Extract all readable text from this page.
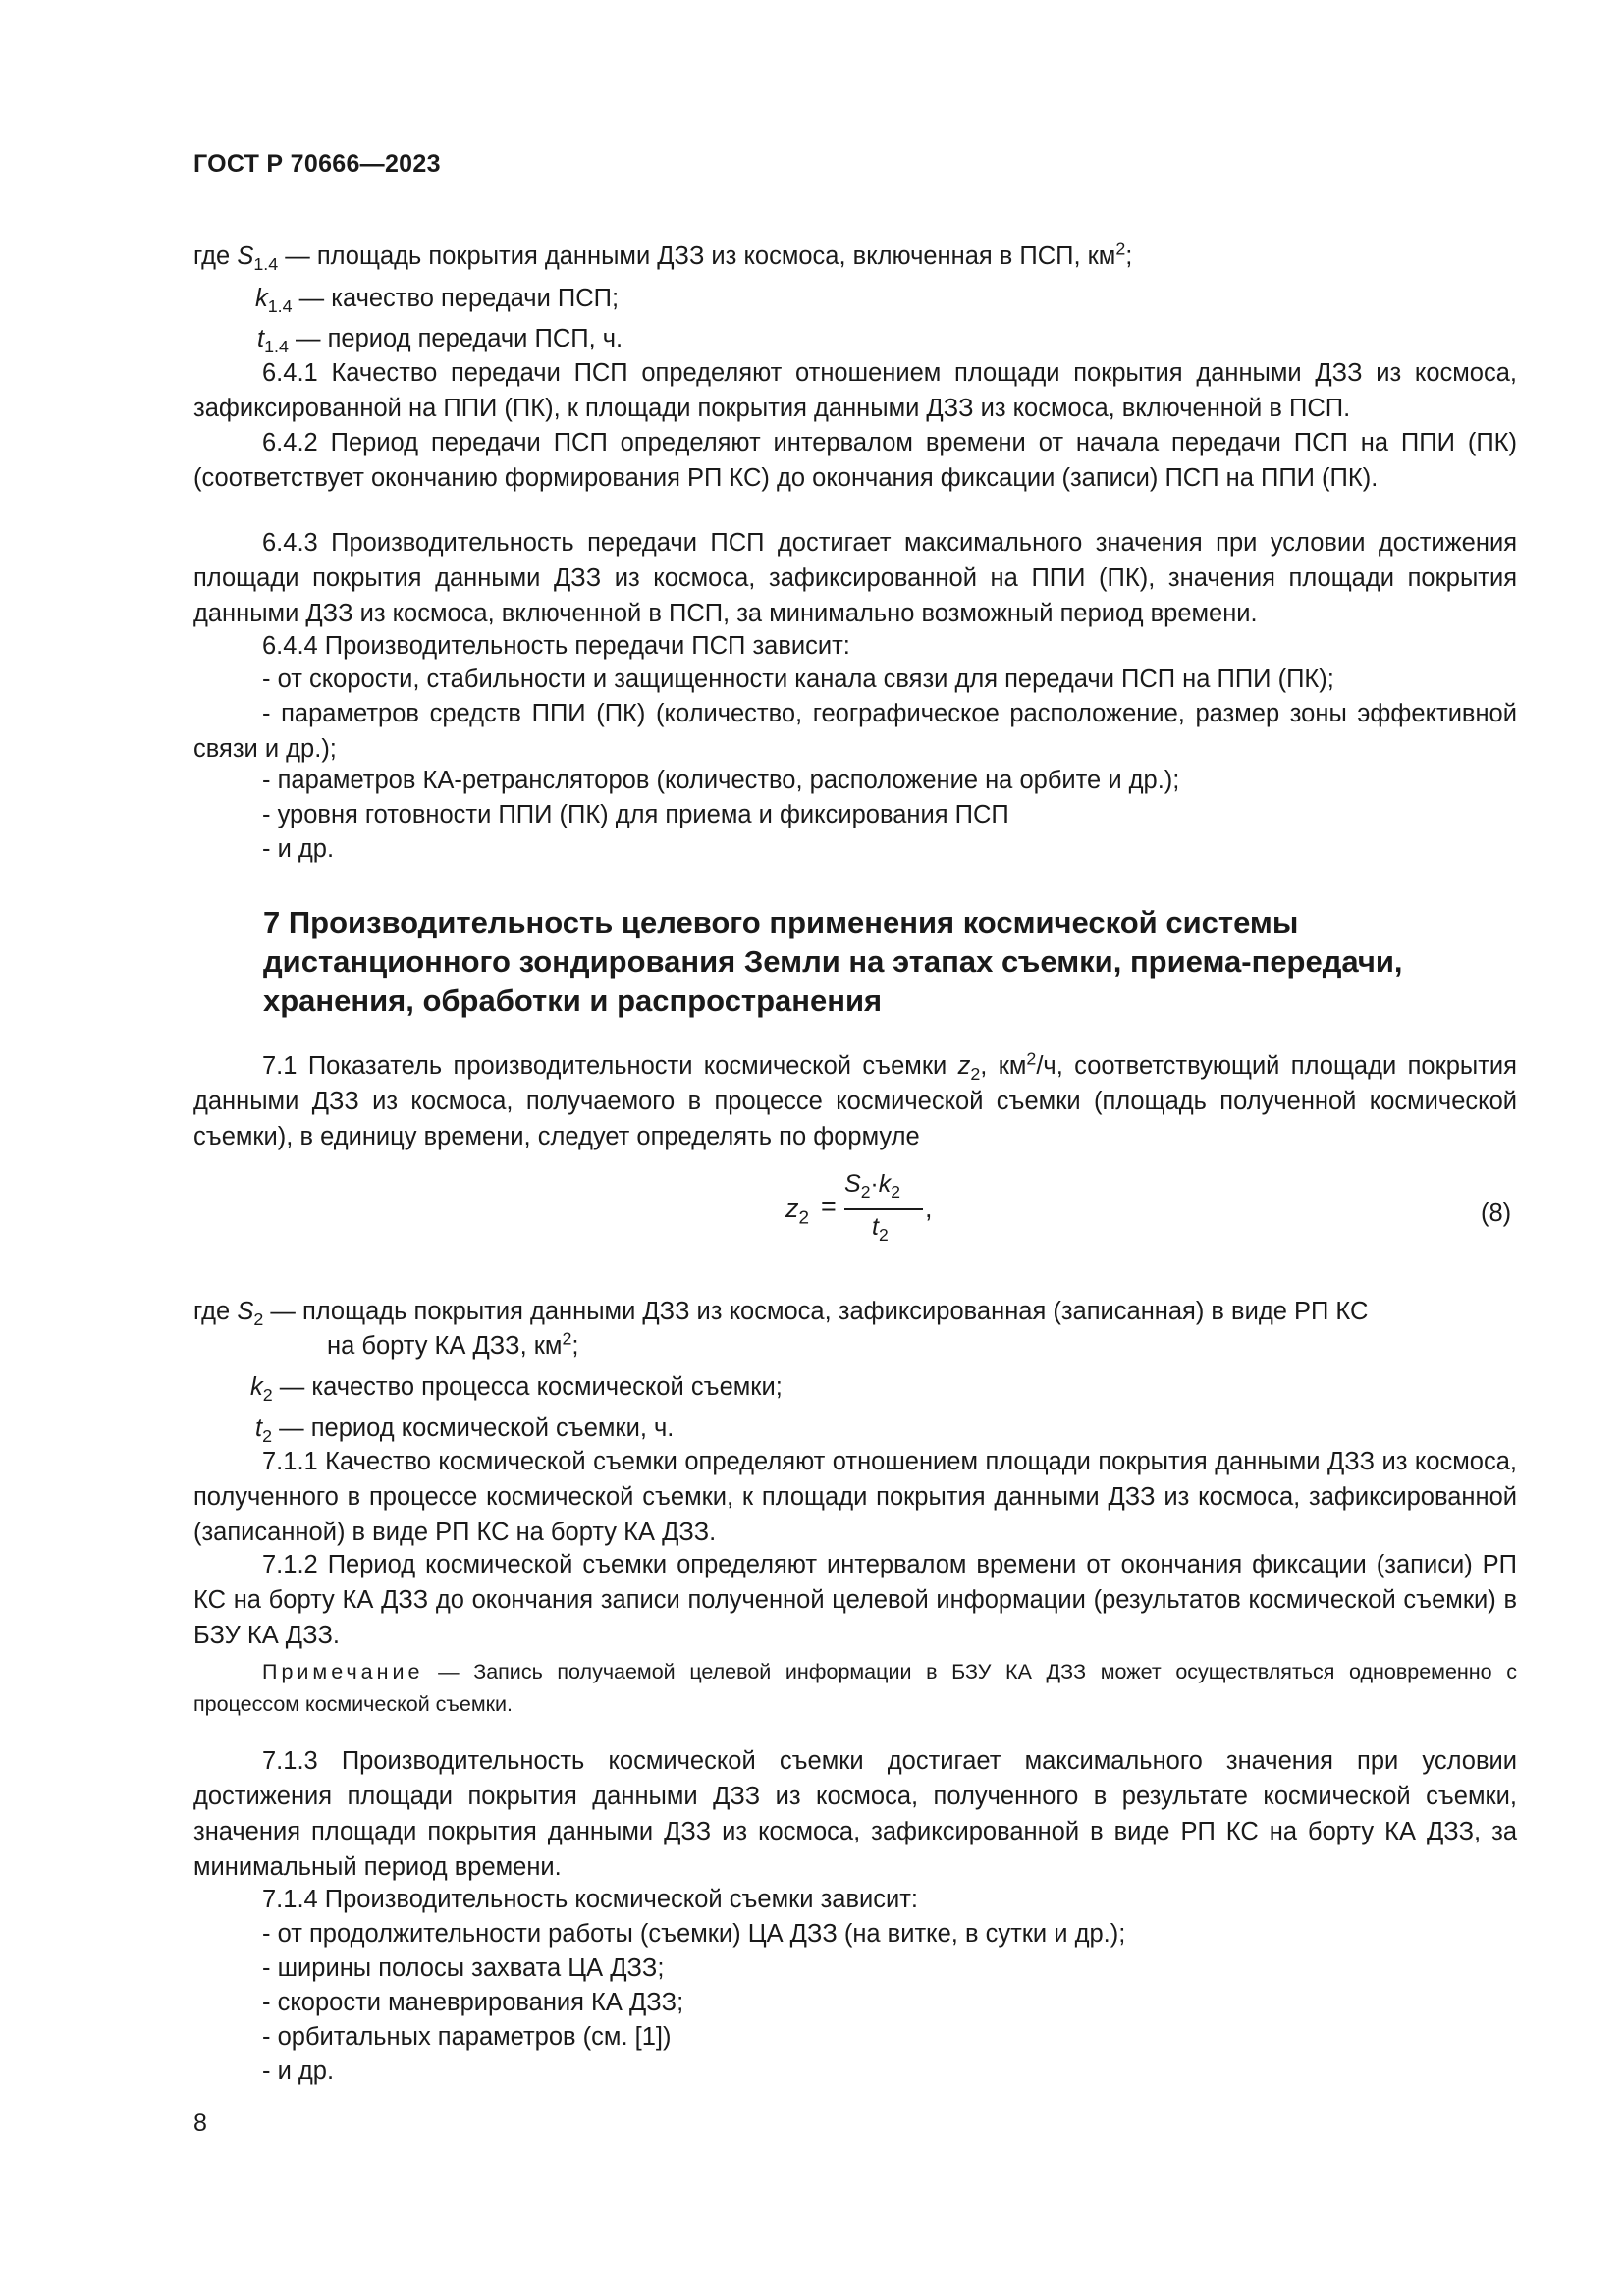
ГОСТ Р 70666—2023
где $S_{1.4}$ — площадь покрытия данными ДЗЗ из космоса, включенная в ПСП, $км^2$;
$k_{1.4}$ — качество передачи ПСП;
$t_{1.4}$ — период передачи ПСП, ч.

6.4.1 Качество передачи ПСП определяют отношением площади покрытия данными ДЗЗ из космоса, зафиксированной на ППИ (ПК), к площади покрытия данными ДЗЗ из космоса, включенной в ПСП.

6.4.2 Период передачи ПСП определяют интервалом времени от начала передачи ПСП на ППИ (ПК) (соответствует окончанию формирования РП КС) до окончания фиксации (записи) ПСП на ППИ (ПК).

6.4.3 Производительность передачи ПСП достигает максимального значения при условии достижения площади покрытия данными ДЗЗ из космоса, зафиксированной на ППИ (ПК), значения площади покрытия данными ДЗЗ из космоса, включенной в ПСП, за минимально возможный период времени.

6.4.4 Производительность передачи ПСП зависит:

- от скорости, стабильности и защищенности канала связи для передачи ПСП на ППИ (ПК);

- параметров средств ППИ (ПК) (количество, географическое расположение, размер зоны эффективной связи и др.);

- параметров КА-ретрансляторов (количество, расположение на орбите и др.);
- уровня готовности ППИ (ПК) для приема и фиксирования ПСП
- и др.
7 Производительность целевого применения космической системы дистанционного зондирования Земли на этапах съемки, приема-передачи, хранения, обработки и распространения

7.1 Показатель производительности космической съемки $z_2$, $км^2/ч$, соответствующий площади покрытия данными ДЗЗ из космоса, получаемого в процессе космической съемки (площадь полученной космической съемки), в единицу времени, следует определять по формуле

$z_2$ =
$S_2\cdot k_2$
$t_2$
,	(8)
где $S_2$ — площадь покрытия данными ДЗЗ из космоса, зафиксированная (записанная) в виде РП КС
на борту КА ДЗЗ, $км^2$;
$k_2$ — качество процесса космической съемки;
$t_2$ — период космической съемки, ч.

7.1.1 Качество космической съемки определяют отношением площади покрытия данными ДЗЗ из космоса, полученного в процессе космической съемки, к площади покрытия данными ДЗЗ из космоса, зафиксированной (записанной) в виде РП КС на борту КА ДЗЗ.

7.1.2 Период космической съемки определяют интервалом времени от окончания фиксации (записи) РП КС на борту КА ДЗЗ до окончания записи полученной целевой информации (результатов космической съемки) в БЗУ КА ДЗЗ.

Примечание — Запись получаемой целевой информации в БЗУ КА ДЗЗ может осуществляться одновременно с процессом космической съемки.

7.1.3 Производительность космической съемки достигает максимального значения при условии достижения площади покрытия данными ДЗЗ из космоса, полученного в результате космической съемки, значения площади покрытия данными ДЗЗ из космоса, зафиксированной в виде РП КС на борту КА ДЗЗ, за минимальный период времени.

7.1.4 Производительность космической съемки зависит:

- от продолжительности работы (съемки) ЦА ДЗЗ (на витке, в сутки и др.);
- ширины полосы захвата ЦА ДЗЗ;
- скорости маневрирования КА ДЗЗ;
- орбитальных параметров (см. [1])
- и др.
8
